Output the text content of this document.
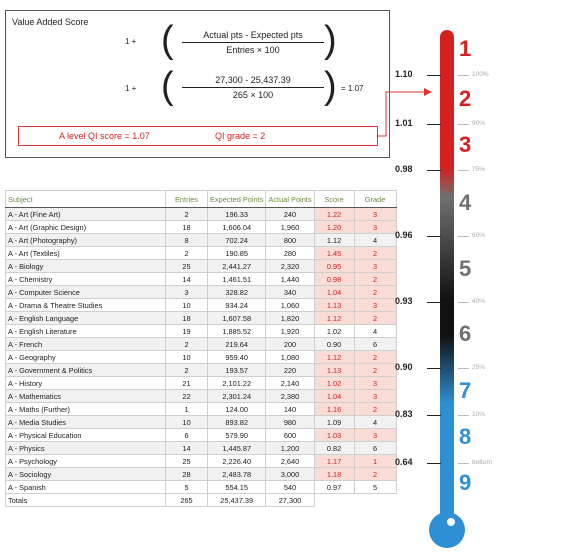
Value Added Score
1 + (	Actual pts - Expected pts
Entries × 100	)
1 + ( $\frac{27,300 - 25,437.39}{265 \times 100}$ ) = 1.07
A level QI score = 1.07	QI grade = 2
Subject	Entries	Expected Points	Actual Points	Score	Grade
A - Art (Fine Art)	2	196.33	240	1.22	3
A - Art (Graphic Design)	18	1,606.04	1,960	1.20	3
A - Art (Photography)	8	702.24	800	1.12	4
A - Art (Textiles)	2	190.85	280	1.45	2
A - Biology	25	2,441.27	2,320	0.95	3
A - Chemistry	14	1,461.51	1,440	0.98	2
A - Computer Science	3	328.82	340	1.04	2
A - Drama & Theatre Studies	10	934.24	1,060	1.13	3
A - English Language	18	1,607.58	1,820	1.12	2
A - English Literature	19	1,885.52	1,920	1.02	4
A - French	2	219.64	200	0.90	6
A - Geography	10	959.40	1,080	1.12	2
A - Government & Politics	2	193.57	220	1.13	2
A - History	21	2,101.22	2,140	1.02	3
A - Mathematics	22	2,301.24	2,380	1.04	3
A - Maths (Further)	1	124.00	140	1.16	2
A - Media Studies	10	893.82	980	1.09	4
A - Physical Education	6	579.90	600	1.03	3
A - Physics	14	1,445.87	1,200	0.82	6
A - Psychology	25	2,226.40	2,640	1.17	1
A - Sociology	28	2,483.78	3,000	1.18	2
A - Spanish	5	554.15	540	0.97	5
Totals	265	25,437.39	27,300		
1.10
1.01
0.98
0.96
0.93
0.90
0.83
0.64
100%
90%
75%
60%
40%
25%
10%
bottom
1
2
3
4
5
6
7
8
9
